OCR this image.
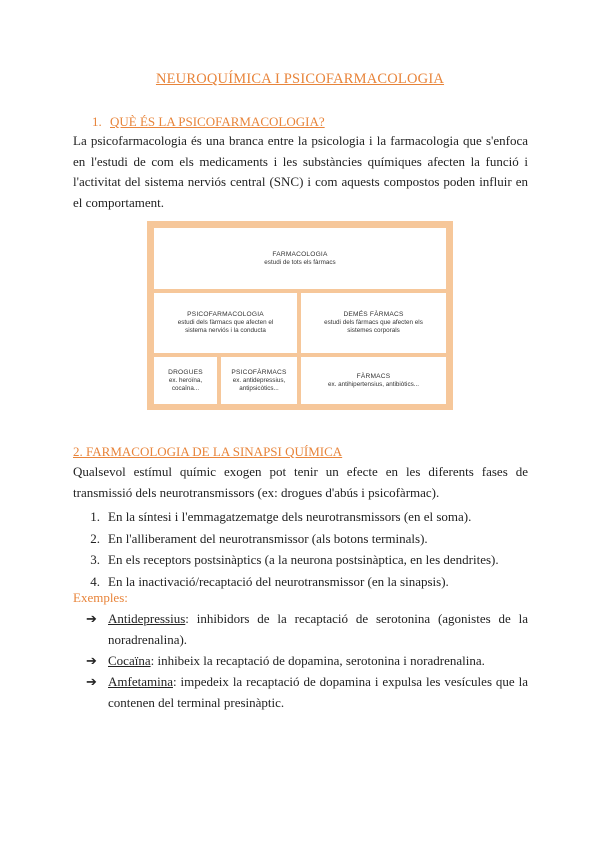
NEUROQUÍMICA I PSICOFARMACOLOGIA
1. QUÈ ÉS LA PSICOFARMACOLOGIA?
La psicofarmacologia és una branca entre la psicologia i la farmacologia que s'enfoca en l'estudi de com els medicaments i les substàncies químiques afecten la funció i l'activitat del sistema nerviós central (SNC) i com aquests compostos poden influir en el comportament.
FARMACOLOGIA
estudi de tots els fàrmacs
PSICOFARMACOLOGIA
estudi dels fàrmacs que afecten el
sistema nerviós i la conducta
DEMÉS FÀRMACS
estudi dels fàrmacs que afecten els
sistemes corporals
DROGUES
ex. heroïna,
cocaïna...
PSICOFÀRMACS
ex. antidepressius,
antipsicòtics...
FÀRMACS
ex. antihipertensius, antibiòtics...
2. FARMACOLOGIA DE LA SINAPSI QUÍMICA
Qualsevol estímul químic exogen pot tenir un efecte en les diferents fases de transmissió dels neurotransmissors (ex: drogues d'abús i psicofàrmac).
1. En la síntesi i l'emmagatzematge dels neurotransmissors (en el soma).
2. En l'alliberament del neurotransmissor (als botons terminals).
3. En els receptors postsinàptics (a la neurona postsinàptica, en les dendrites).
4. En la inactivació/recaptació del neurotransmissor (en la sinapsis).
Exemples:
➔ Antidepressius: inhibidors de la recaptació de serotonina (agonistes de la noradrenalina).
➔ Cocaïna: inhibeix la recaptació de dopamina, serotonina i noradrenalina.
➔ Amfetamina: impedeix la recaptació de dopamina i expulsa les vesícules que la contenen del terminal presinàptic.
